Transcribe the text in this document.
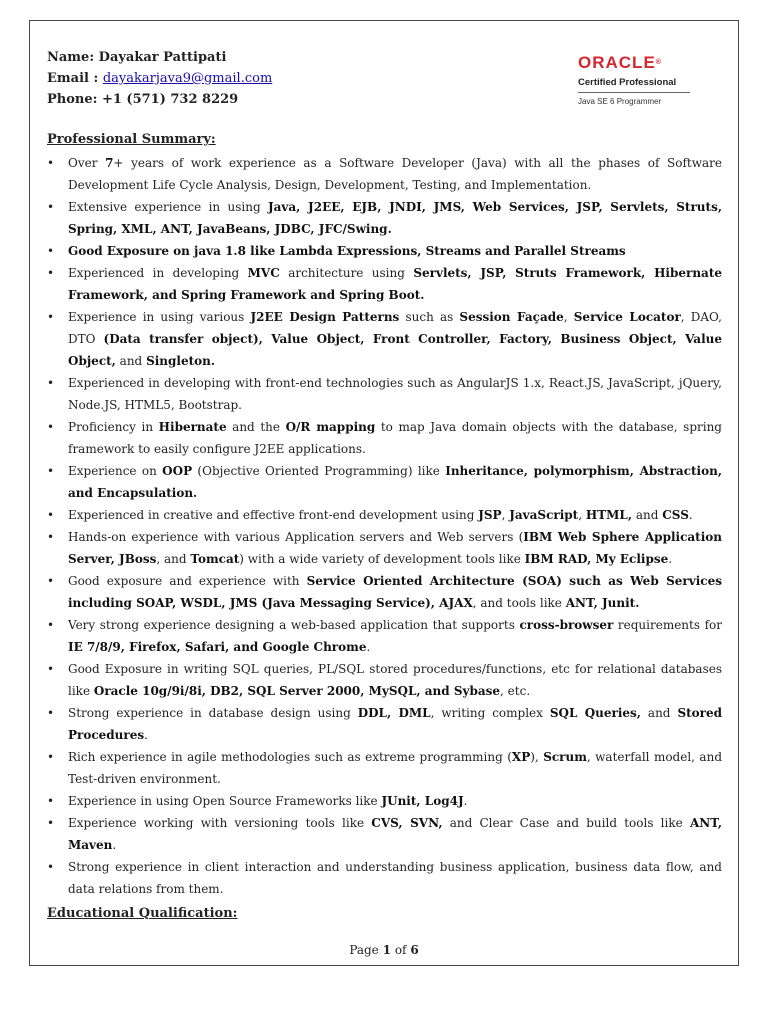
Name: Dayakar Pattipati
Email : dayakarjava9@gmail.com
Phone: +1 (571) 732 8229
ORACLE®
Certified Professional
Java SE 6 Programmer
Professional Summary:
• Over 7+ years of work experience as a Software Developer (Java) with all the phases of Software Development Life Cycle Analysis, Design, Development, Testing, and Implementation.
• Extensive experience in using Java, J2EE, EJB, JNDI, JMS, Web Services, JSP, Servlets, Struts, Spring, XML, ANT, JavaBeans, JDBC, JFC/Swing.
• Good Exposure on java 1.8 like Lambda Expressions, Streams and Parallel Streams
• Experienced in developing MVC architecture using Servlets, JSP, Struts Framework, Hibernate Framework, and Spring Framework and Spring Boot.
• Experience in using various J2EE Design Patterns such as Session Façade, Service Locator, DAO, DTO (Data transfer object), Value Object, Front Controller, Factory, Business Object, Value Object, and Singleton.
• Experienced in developing with front-end technologies such as AngularJS 1.x, React.JS, JavaScript, jQuery, Node.JS, HTML5, Bootstrap.
• Proficiency in Hibernate and the O/R mapping to map Java domain objects with the database, spring framework to easily configure J2EE applications.
• Experience on OOP (Objective Oriented Programming) like Inheritance, polymorphism, Abstraction, and Encapsulation.
• Experienced in creative and effective front-end development using JSP, JavaScript, HTML, and CSS.
• Hands-on experience with various Application servers and Web servers (IBM Web Sphere Application Server, JBoss, and Tomcat) with a wide variety of development tools like IBM RAD, My Eclipse.
• Good exposure and experience with Service Oriented Architecture (SOA) such as Web Services including SOAP, WSDL, JMS (Java Messaging Service), AJAX, and tools like ANT, Junit.
• Very strong experience designing a web-based application that supports cross-browser requirements for IE 7/8/9, Firefox, Safari, and Google Chrome.
• Good Exposure in writing SQL queries, PL/SQL stored procedures/functions, etc for relational databases like Oracle 10g/9i/8i, DB2, SQL Server 2000, MySQL, and Sybase, etc.
• Strong experience in database design using DDL, DML, writing complex SQL Queries, and Stored Procedures.
• Rich experience in agile methodologies such as extreme programming (XP), Scrum, waterfall model, and Test-driven environment.
• Experience in using Open Source Frameworks like JUnit, Log4J.
• Experience working with versioning tools like CVS, SVN, and Clear Case and build tools like ANT, Maven.
• Strong experience in client interaction and understanding business application, business data flow, and data relations from them.
Educational Qualification:
Page 1 of 6
